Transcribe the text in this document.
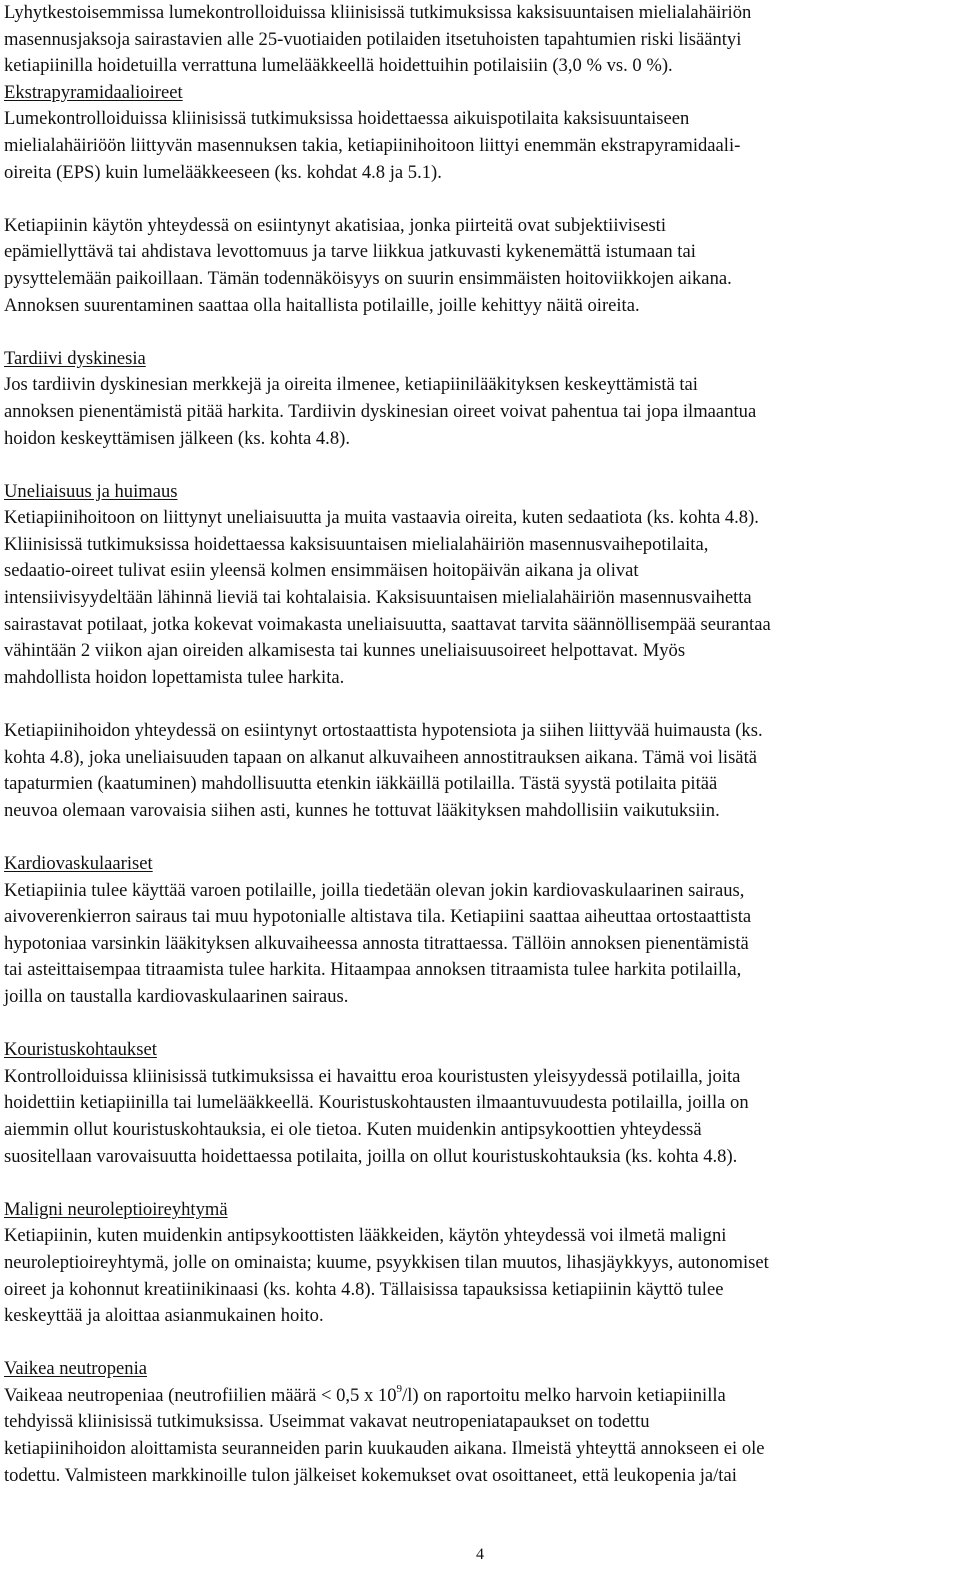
Lyhytkestoisemmissa lumekontrolloiduissa kliinisissä tutkimuksissa kaksisuuntaisen mielialahäiriön

masennusjaksoja sairastavien alle 25-vuotiaiden potilaiden itsetuhoisten tapahtumien riski lisääntyi

ketiapiinilla hoidetuilla verrattuna lumelääkkeellä hoidettuihin potilaisiin (3,0 % vs. 0 %).

Ekstrapyramidaalioireet

Lumekontrolloiduissa kliinisissä tutkimuksissa hoidettaessa aikuispotilaita kaksisuuntaiseen

mielialahäiriöön liittyvän masennuksen takia, ketiapiinihoitoon liittyi enemmän ekstrapyramidaali-

oireita (EPS) kuin lumelääkkeeseen (ks. kohdat 4.8 ja 5.1).

Ketiapiinin käytön yhteydessä on esiintynyt akatisiaa, jonka piirteitä ovat subjektiivisesti

epämiellyttävä tai ahdistava levottomuus ja tarve liikkua jatkuvasti kykenemättä istumaan tai

pysyttelemään paikoillaan. Tämän todennäköisyys on suurin ensimmäisten hoitoviikkojen aikana.

Annoksen suurentaminen saattaa olla haitallista potilaille, joille kehittyy näitä oireita.

Tardiivi dyskinesia

Jos tardiivin dyskinesian merkkejä ja oireita ilmenee, ketiapiinilääkityksen keskeyttämistä tai

annoksen pienentämistä pitää harkita. Tardiivin dyskinesian oireet voivat pahentua tai jopa ilmaantua

hoidon keskeyttämisen jälkeen (ks. kohta 4.8).

Uneliaisuus ja huimaus

Ketiapiinihoitoon on liittynyt uneliaisuutta ja muita vastaavia oireita, kuten sedaatiota (ks. kohta 4.8).

Kliinisissä tutkimuksissa hoidettaessa kaksisuuntaisen mielialahäiriön masennusvaihepotilaita,

sedaatio-oireet tulivat esiin yleensä kolmen ensimmäisen hoitopäivän aikana ja olivat

intensiivisyydeltään lähinnä lieviä tai kohtalaisia. Kaksisuuntaisen mielialahäiriön masennusvaihetta

sairastavat potilaat, jotka kokevat voimakasta uneliaisuutta, saattavat tarvita säännöllisempää seurantaa

vähintään 2 viikon ajan oireiden alkamisesta tai kunnes uneliaisuusoireet helpottavat. Myös

mahdollista hoidon lopettamista tulee harkita.

Ketiapiinihoidon yhteydessä on esiintynyt ortostaattista hypotensiota ja siihen liittyvää huimausta (ks.

kohta 4.8), joka uneliaisuuden tapaan on alkanut alkuvaiheen annostitrauksen aikana. Tämä voi lisätä

tapaturmien (kaatuminen) mahdollisuutta etenkin iäkkäillä potilailla. Tästä syystä potilaita pitää

neuvoa olemaan varovaisia siihen asti, kunnes he tottuvat lääkityksen mahdollisiin vaikutuksiin.

Kardiovaskulaariset

Ketiapiinia tulee käyttää varoen potilaille, joilla tiedetään olevan jokin kardiovaskulaarinen sairaus,

aivoverenkierron sairaus tai muu hypotonialle altistava tila. Ketiapiini saattaa aiheuttaa ortostaattista

hypotoniaa varsinkin lääkityksen alkuvaiheessa annosta titrattaessa. Tällöin annoksen pienentämistä

tai asteittaisempaa titraamista tulee harkita. Hitaampaa annoksen titraamista tulee harkita potilailla,

joilla on taustalla kardiovaskulaarinen sairaus.

Kouristuskohtaukset

Kontrolloiduissa kliinisissä tutkimuksissa ei havaittu eroa kouristusten yleisyydessä potilailla, joita

hoidettiin ketiapiinilla tai lumelääkkeellä. Kouristuskohtausten ilmaantuvuudesta potilailla, joilla on

aiemmin ollut kouristuskohtauksia, ei ole tietoa. Kuten muidenkin antipsykoottien yhteydessä

suositellaan varovaisuutta hoidettaessa potilaita, joilla on ollut kouristuskohtauksia (ks. kohta 4.8).

Maligni neuroleptioireyhtymä

Ketiapiinin, kuten muidenkin antipsykoottisten lääkkeiden, käytön yhteydessä voi ilmetä maligni

neuroleptioireyhtymä, jolle on ominaista; kuume, psyykkisen tilan muutos, lihasjäykkyys, autonomiset

oireet ja kohonnut kreatiinikinaasi (ks. kohta 4.8). Tällaisissa tapauksissa ketiapiinin käyttö tulee

keskeyttää ja aloittaa asianmukainen hoito.

Vaikea neutropenia

Vaikeaa neutropeniaa (neutrofiilien määrä < 0,5 x $10^9/l$) on raportoitu melko harvoin ketiapiinilla

tehdyissä kliinisissä tutkimuksissa. Useimmat vakavat neutropeniatapaukset on todettu

ketiapiinihoidon aloittamista seuranneiden parin kuukauden aikana. Ilmeistä yhteyttä annokseen ei ole

todettu. Valmisteen markkinoille tulon jälkeiset kokemukset ovat osoittaneet, että leukopenia ja/tai

4
